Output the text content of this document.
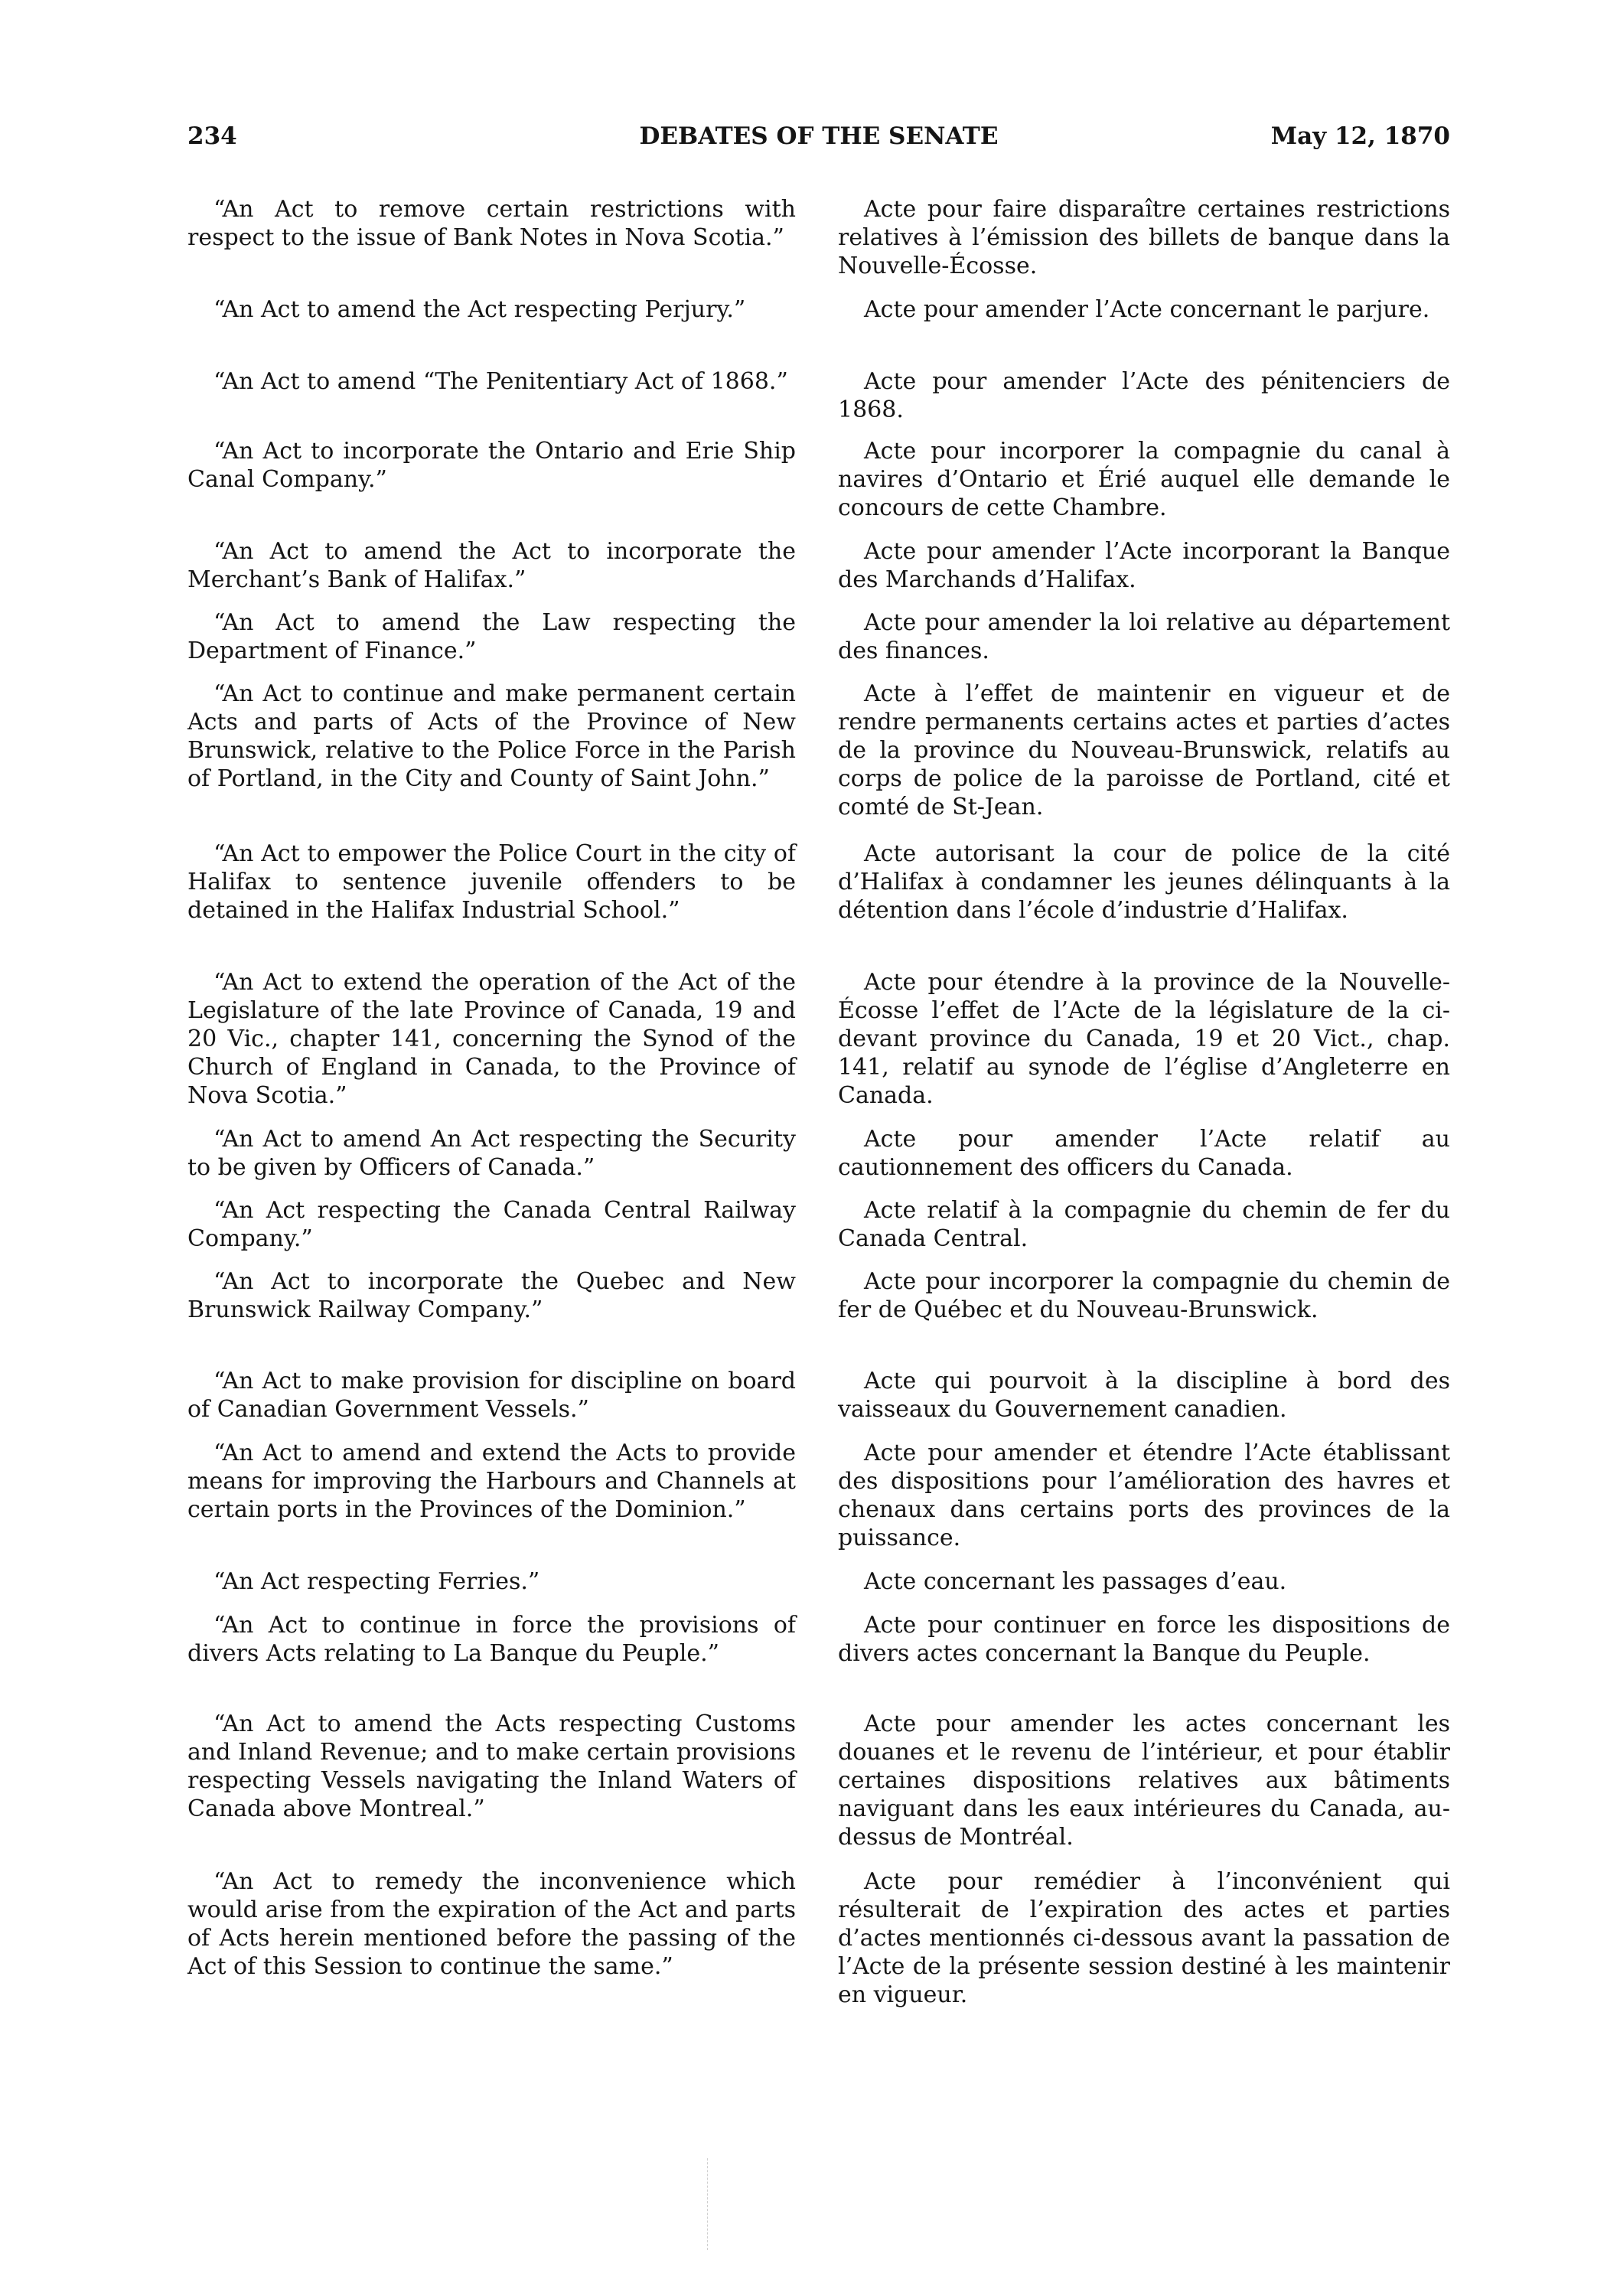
234	DEBATES OF THE SENATE	May 12, 1870

“An Act to remove certain restrictions with respect to the issue of Bank Notes in Nova Scotia.”

“An Act to amend the Act respecting Perjury.”

“An Act to amend “The Penitentiary Act of 1868.”

“An Act to incorporate the Ontario and Erie Ship Canal Company.”

“An Act to amend the Act to incorporate the Merchant’s Bank of Halifax.”

“An Act to amend the Law respecting the Department of Finance.”

“An Act to continue and make permanent certain Acts and parts of Acts of the Province of New Brunswick, relative to the Police Force in the Parish of Portland, in the City and County of Saint John.”

“An Act to empower the Police Court in the city of Halifax to sentence juvenile offenders to be detained in the Halifax Industrial School.”

“An Act to extend the operation of the Act of the Legislature of the late Province of Canada, 19 and 20 Vic., chapter 141, concerning the Synod of the Church of England in Canada, to the Province of Nova Scotia.”

“An Act to amend An Act respecting the Security to be given by Officers of Canada.”

“An Act respecting the Canada Central Railway Company.”

“An Act to incorporate the Quebec and New Brunswick Railway Company.”

“An Act to make provision for discipline on board of Canadian Government Vessels.”

“An Act to amend and extend the Acts to provide means for improving the Harbours and Channels at certain ports in the Provinces of the Dominion.”

“An Act respecting Ferries.”

“An Act to continue in force the provisions of divers Acts relating to La Banque du Peuple.”

“An Act to amend the Acts respecting Customs and Inland Revenue; and to make certain provisions respecting Vessels navigating the Inland Waters of Canada above Montreal.”

“An Act to remedy the inconvenience which would arise from the expiration of the Act and parts of Acts herein mentioned before the passing of the Act of this Session to continue the same.”

Acte pour faire disparaître certaines restrictions relatives à l’émission des billets de banque dans la Nouvelle-Écosse.

Acte pour amender l’Acte concernant le parjure.

Acte pour amender l’Acte des pénitenciers de 1868.

Acte pour incorporer la compagnie du canal à navires d’Ontario et Érié auquel elle demande le concours de cette Chambre.

Acte pour amender l’Acte incorporant la Banque des Marchands d’Halifax.

Acte pour amender la loi relative au département des finances.

Acte à l’effet de maintenir en vigueur et de rendre permanents certains actes et parties d’actes de la province du Nouveau-Brunswick, relatifs au corps de police de la paroisse de Portland, cité et comté de St-Jean.

Acte autorisant la cour de police de la cité d’Halifax à condamner les jeunes délinquants à la détention dans l’école d’industrie d’Halifax.

Acte pour étendre à la province de la Nouvelle-Écosse l’effet de l’Acte de la législature de la ci-devant province du Canada, 19 et 20 Vict., chap. 141, relatif au synode de l’église d’Angleterre en Canada.

Acte pour amender l’Acte relatif au cautionnement des officers du Canada.

Acte relatif à la compagnie du chemin de fer du Canada Central.

Acte pour incorporer la compagnie du chemin de fer de Québec et du Nouveau-Brunswick.

Acte qui pourvoit à la discipline à bord des vaisseaux du Gouvernement canadien.

Acte pour amender et étendre l’Acte établissant des dispositions pour l’amélioration des havres et chenaux dans certains ports des provinces de la puissance.

Acte concernant les passages d’eau.

Acte pour continuer en force les dispositions de divers actes concernant la Banque du Peuple.

Acte pour amender les actes concernant les douanes et le revenu de l’intérieur, et pour établir certaines dispositions relatives aux bâtiments naviguant dans les eaux intérieures du Canada, au-dessus de Montréal.

Acte pour remédier à l’inconvénient qui résulterait de l’expiration des actes et parties d’actes mentionnés ci-dessous avant la passation de l’Acte de la présente session destiné à les maintenir en vigueur.
